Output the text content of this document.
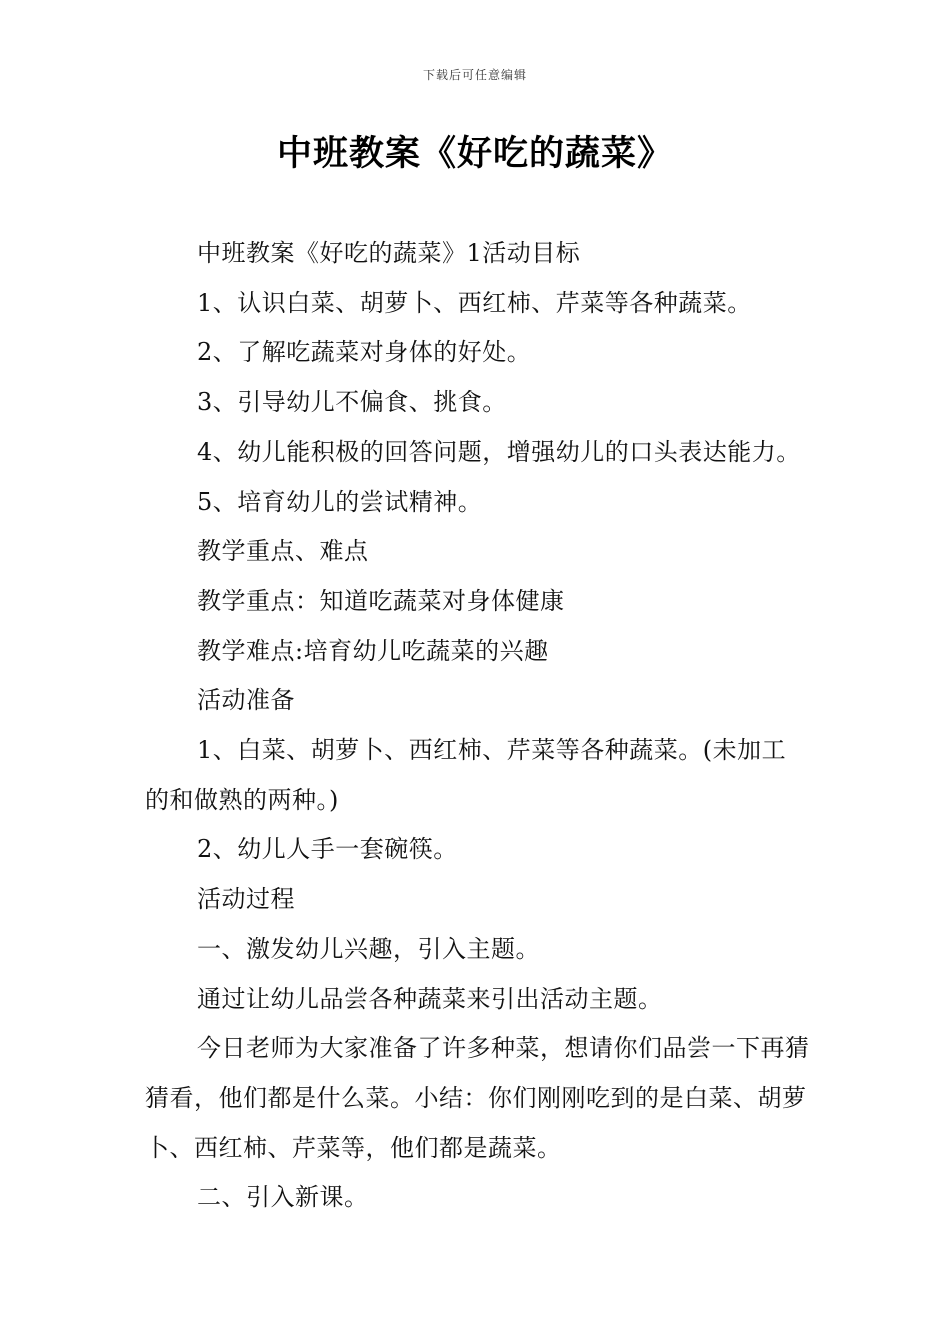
下载后可任意编辑
中班教案《好吃的蔬菜》

中班教案《好吃的蔬菜》1活动目标

1、认识白菜、胡萝卜、西红柿、芹菜等各种蔬菜。

2、了解吃蔬菜对身体的好处。

3、引导幼儿不偏食、挑食。

4、幼儿能积极的回答问题，增强幼儿的口头表达能力。

5、培育幼儿的尝试精神。

教学重点、难点

教学重点：知道吃蔬菜对身体健康

教学难点:培育幼儿吃蔬菜的兴趣

活动准备

1、白菜、胡萝卜、西红柿、芹菜等各种蔬菜。(未加工的和做熟的两种。)

2、幼儿人手一套碗筷。

活动过程

一、激发幼儿兴趣，引入主题。

通过让幼儿品尝各种蔬菜来引出活动主题。

今日老师为大家准备了许多种菜，想请你们品尝一下再猜猜看，他们都是什么菜。小结：你们刚刚吃到的是白菜、胡萝卜、西红柿、芹菜等，他们都是蔬菜。

二、引入新课。
